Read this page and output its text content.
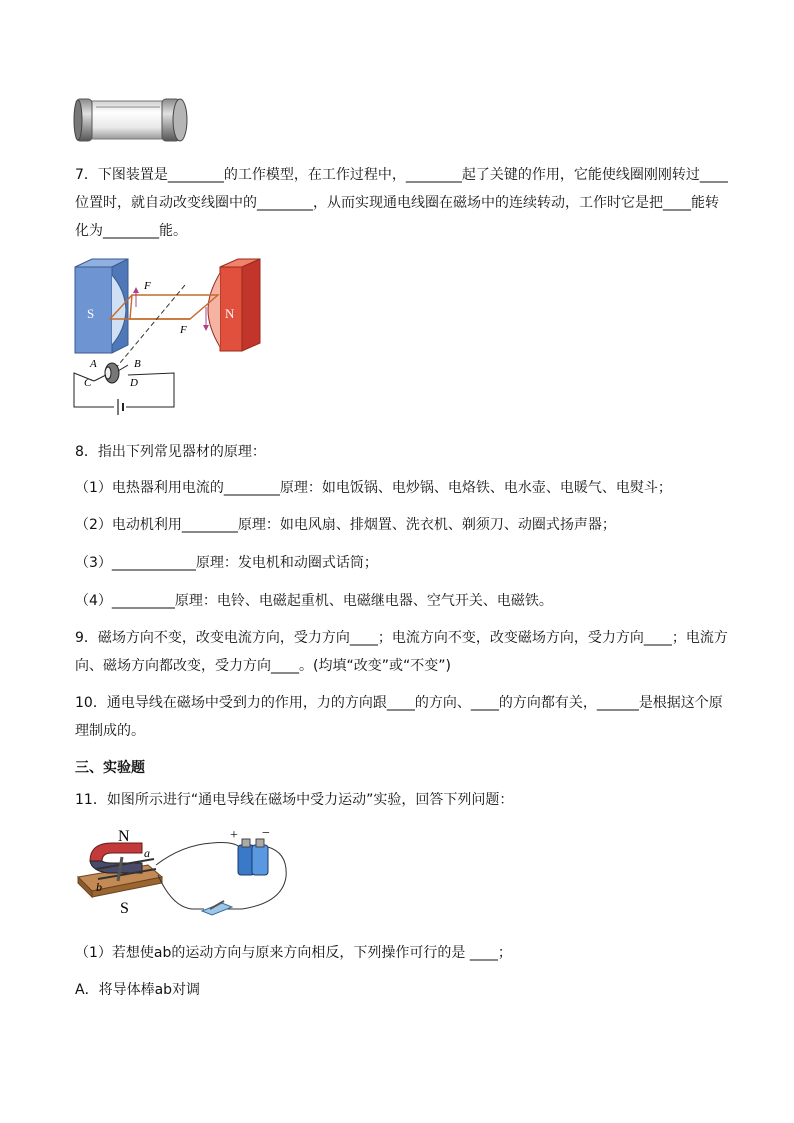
7．下图装置是________的工作模型，在工作过程中，________起了关键的作用，它能使线圈刚刚转过____
位置时，就自动改变线圈中的________，从而实现通电线圈在磁场中的连续转动，工作时它是把____能转
化为________能。
S	N
F
F
A	B
C	D
8．指出下列常见器材的原理：
（1）电热器利用电流的________原理：如电饭锅、电炒锅、电烙铁、电水壶、电暖气、电熨斗；
（2）电动机利用________原理：如电风扇、排烟置、洗衣机、剃须刀、动圈式扬声器；
（3）____________原理：发电机和动圈式话筒；
（4）_________原理：电铃、电磁起重机、电磁继电器、空气开关、电磁铁。
9．磁场方向不变，改变电流方向，受力方向____；电流方向不变，改变磁场方向，受力方向____；电流方
向、磁场方向都改变，受力方向____。(均填“改变”或“不变”)
10．通电导线在磁场中受到力的作用，力的方向跟____的方向、____的方向都有关，______是根据这个原
理制成的。
三、实验题
11．如图所示进行“通电导线在磁场中受力运动”实验，回答下列问题：
N
S
a
b
+ −
（1）若想使ab的运动方向与原来方向相反，下列操作可行的是 ____；
A．将导体棒ab对调
